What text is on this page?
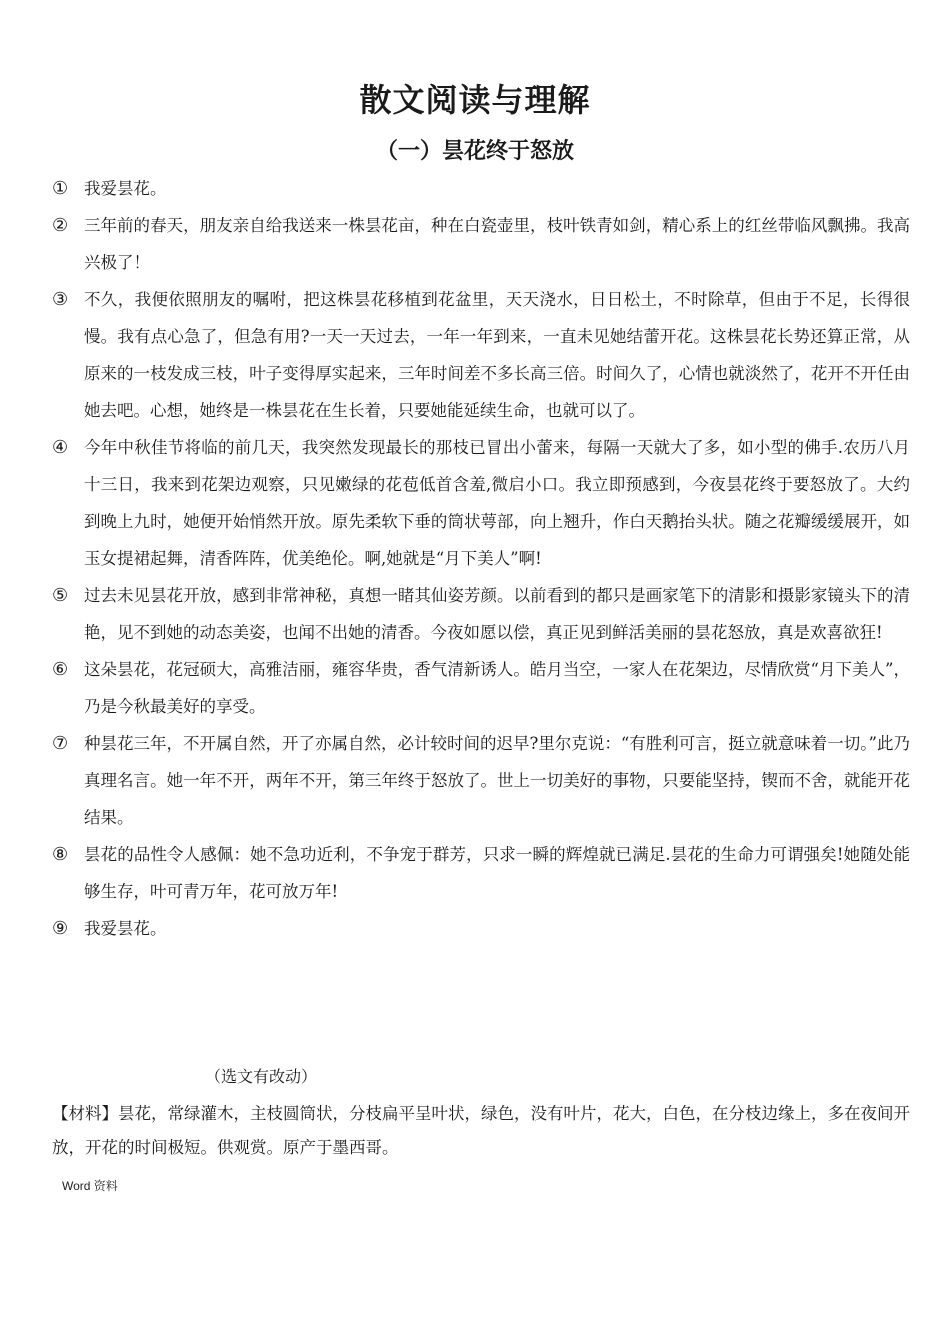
散文阅读与理解
（一）昙花终于怒放
① 我爱昙花。
② 三年前的春天，朋友亲自给我送来一株昙花亩，种在白瓷壶里，枝叶铁青如剑，精心系上的红丝带临风飘拂。我高兴极了！
③ 不久，我便依照朋友的嘱咐，把这株昙花移植到花盆里，天天浇水，日日松土，不时除草，但由于不足，长得很慢。我有点心急了，但急有用?一天一天过去，一年一年到来，一直未见她结蕾开花。这株昙花长势还算正常，从原来的一枝发成三枝，叶子变得厚实起来，三年时间差不多长高三倍。时间久了，心情也就淡然了，花开不开任由她去吧。心想，她终是一株昙花在生长着，只要她能延续生命，也就可以了。
④ 今年中秋佳节将临的前几天，我突然发现最长的那枝已冒出小蕾来，每隔一天就大了多，如小型的佛手.农历八月十三日，我来到花架边观察，只见嫩绿的花苞低首含羞,微启小口。我立即预感到，今夜昙花终于要怒放了。大约到晚上九时，她便开始悄然开放。原先柔软下垂的筒状萼部，向上翘升，作白天鹅抬头状。随之花瓣缓缓展开，如玉女提裙起舞，清香阵阵，优美绝伦。啊,她就是“月下美人”啊!
⑤ 过去未见昙花开放，感到非常神秘，真想一睹其仙姿芳颜。以前看到的都只是画家笔下的清影和摄影家镜头下的清艳，见不到她的动态美姿，也闻不出她的清香。今夜如愿以偿，真正见到鲜活美丽的昙花怒放，真是欢喜欲狂!
⑥ 这朵昙花，花冠硕大，高雅洁丽，雍容华贵，香气清新诱人。皓月当空，一家人在花架边，尽情欣赏“月下美人”，乃是今秋最美好的享受。
⑦ 种昙花三年，不开属自然，开了亦属自然，必计较时间的迟早?里尔克说：“有胜利可言，挺立就意味着一切。”此乃真理名言。她一年不开，两年不开，第三年终于怒放了。世上一切美好的事物，只要能坚持，锲而不舍，就能开花结果。
⑧ 昙花的品性令人感佩：她不急功近利，不争宠于群芳，只求一瞬的辉煌就已满足.昙花的生命力可谓强矣!她随处能够生存，叶可青万年，花可放万年!
⑨ 我爱昙花。
（选文有改动）
【材料】昙花，常绿灌木，主枝圆筒状，分枝扁平呈叶状，绿色，没有叶片，花大，白色，在分枝边缘上，多在夜间开放，开花的时间极短。供观赏。原产于墨西哥。
Word 资料
